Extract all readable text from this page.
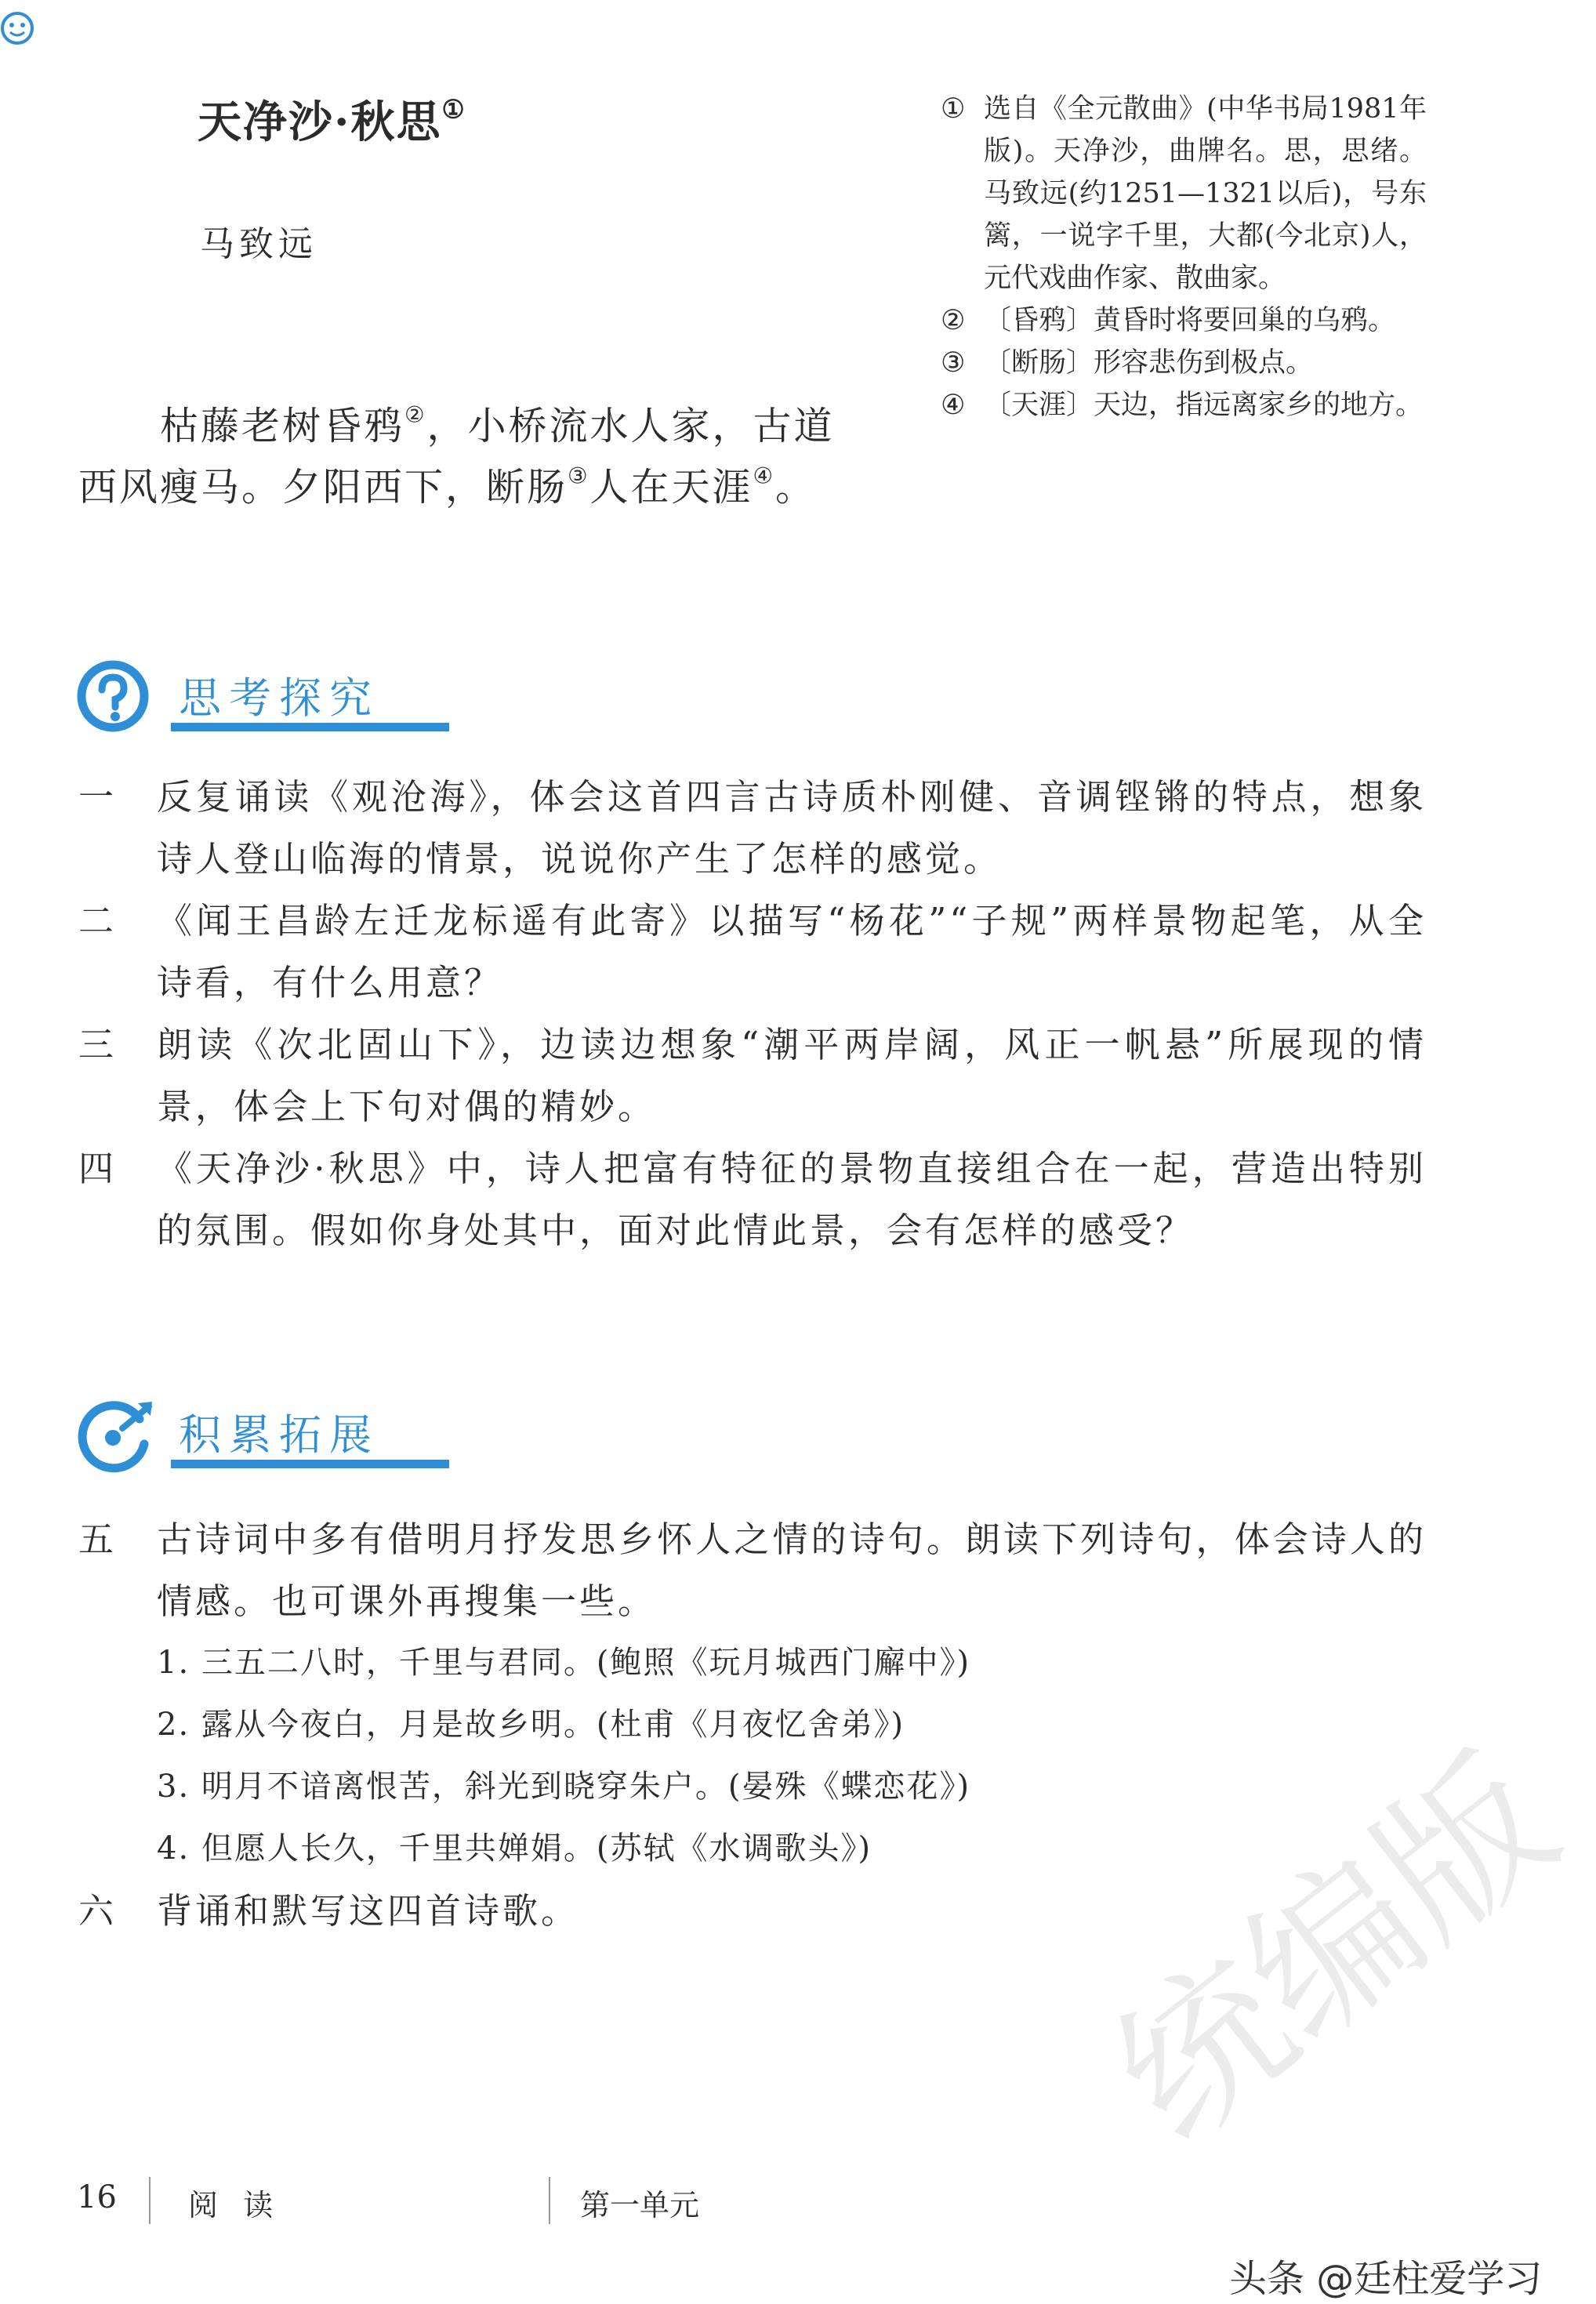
天净沙·秋思①
马致远
　　枯藤老树昏鸦②，小桥流水人家，古道
西风瘦马。夕阳西下，断肠③人在天涯④。
① 选自《全元散曲》(中华书局1981年版)。天净沙，曲牌名。思，思绪。马致远(约1251—1321以后)，号东篱，一说字千里，大都(今北京)人，元代戏曲作家、散曲家。
② 〔昏鸦〕黄昏时将要回巢的乌鸦。
③ 〔断肠〕形容悲伤到极点。
④ 〔天涯〕天边，指远离家乡的地方。
思考探究
一	反复诵读《观沧海》，体会这首四言古诗质朴刚健、音调铿锵的特点，想象诗人登山临海的情景，说说你产生了怎样的感觉。
二	《闻王昌龄左迁龙标遥有此寄》以描写“杨花”“子规”两样景物起笔，从全诗看，有什么用意？
三	朗读《次北固山下》，边读边想象“潮平两岸阔，风正一帆悬”所展现的情景，体会上下句对偶的精妙。
四	《天净沙·秋思》中，诗人把富有特征的景物直接组合在一起，营造出特别的氛围。假如你身处其中，面对此情此景，会有怎样的感受？
积累拓展
五	古诗词中多有借明月抒发思乡怀人之情的诗句。朗读下列诗句，体会诗人的情感。也可课外再搜集一些。
1. 三五二八时，千里与君同。(鲍照《玩月城西门廨中》)
2. 露从今夜白，月是故乡明。(杜甫《月夜忆舍弟》)
3. 明月不谙离恨苦，斜光到晓穿朱户。(晏殊《蝶恋花》)
4. 但愿人长久，千里共婵娟。(苏轼《水调歌头》)
六	背诵和默写这四首诗歌。	统编版
16 阅 读	第一单元
头条 @廷柱爱学习
